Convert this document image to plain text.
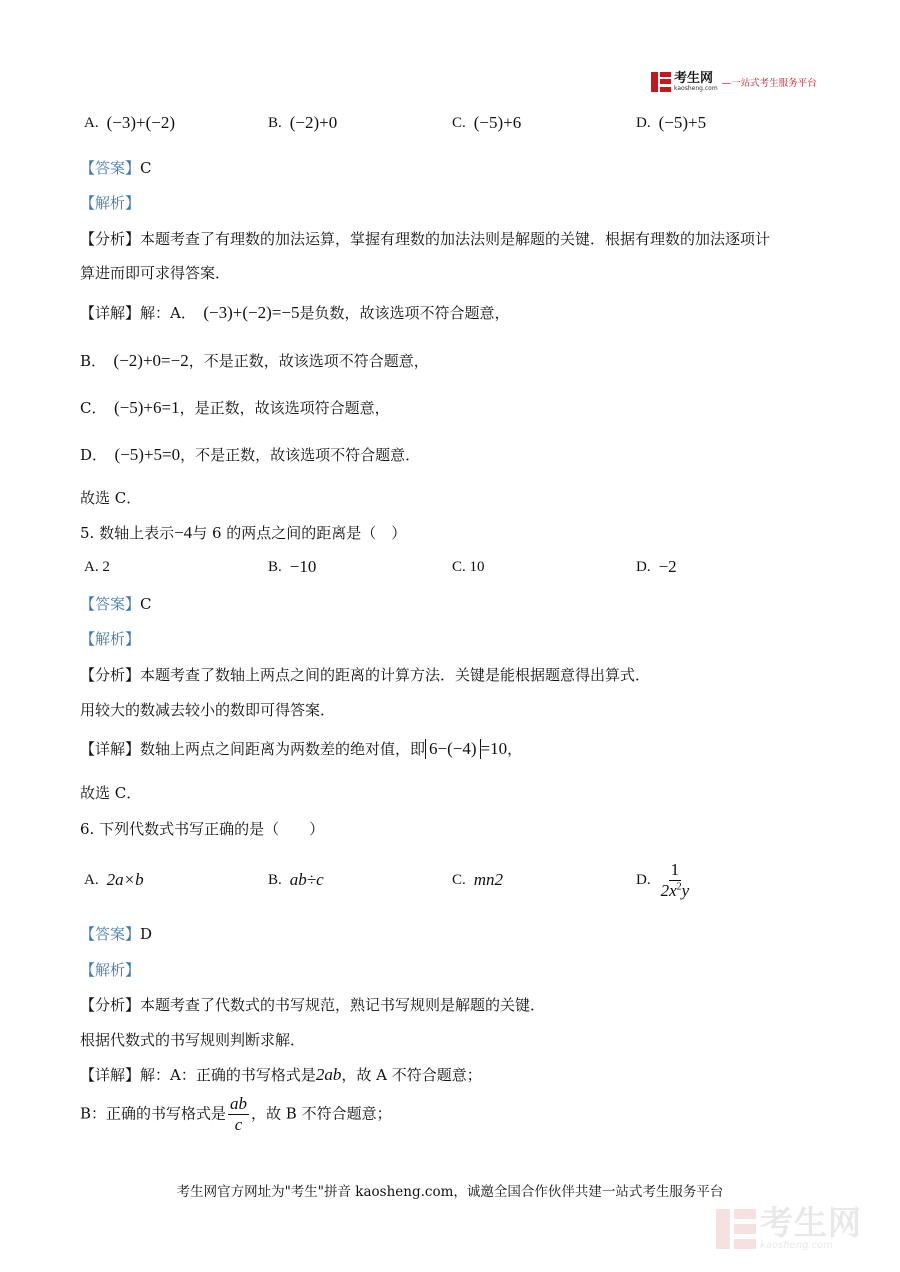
考生网
kaosheng.com —一站式考生服务平台
A. (−3)+(−2)	B. (−2)+0	C. (−5)+6	D. (−5)+5
【答案】C
【解析】
【分析】本题考查了有理数的加法运算，掌握有理数的加法法则是解题的关键．根据有理数的加法逐项计
算进而即可求得答案．
【详解】解：A．　 (−3)+(−2)=−5是负数，故该选项不符合题意，
B．　 (−2)+0=−2，不是正数，故该选项不符合题意，
C．　 (−5)+6=1，是正数，故该选项符合题意，
D．　 (−5)+5=0，不是正数，故该选项不符合题意．
故选 C．
5. 数轴上表示−4与 6 的两点之间的距离是（　）
A. 2	B. −10	C. 10	D. −2
【答案】C
【解析】
【分析】本题考查了数轴上两点之间的距离的计算方法．关键是能根据题意得出算式．
用较大的数减去较小的数即可得答案．
【详解】数轴上两点之间距离为两数差的绝对值，即 6−(−4) =10，
故选 C．
6. 下列代数式书写正确的是（　　）
A. 2a×b	B. ab÷c	C. mn2	D. $\frac{1}{2x^2y}$
【答案】D
【解析】
【分析】本题考查了代数式的书写规范，熟记书写规则是解题的关键．
根据代数式的书写规则判断求解．
【详解】解：A：正确的书写格式是2ab，故 A 不符合题意；
B：正确的书写格式是 $\frac{ab}{c}$ ，故 B 不符合题意；
考生网官方网址为"考生"拼音 kaosheng.com，诚邀全国合作伙伴共建一站式考生服务平台
考生网
kaosheng.com
